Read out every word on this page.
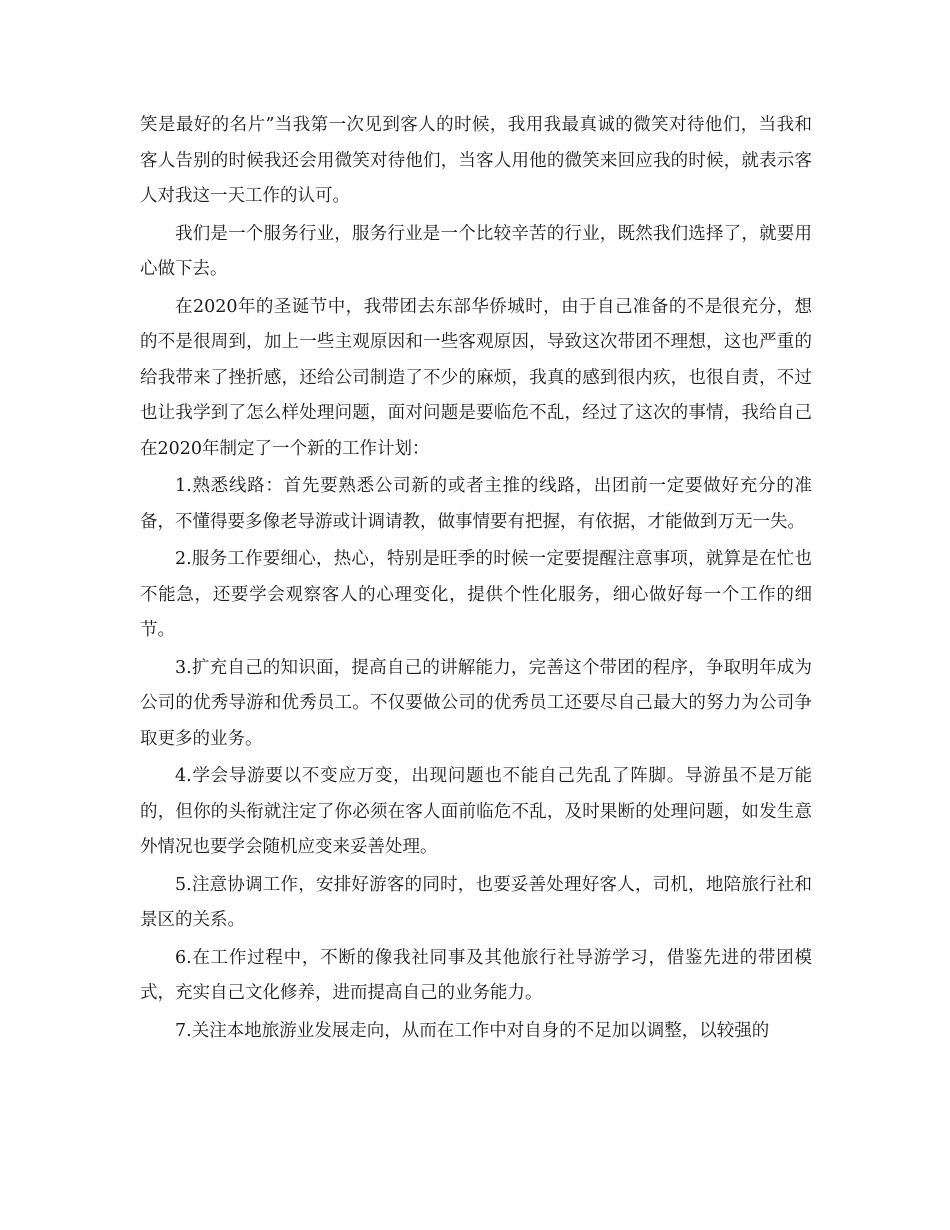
笑是最好的名片”当我第一次见到客人的时候，我用我最真诚的微笑对待他们，当我和客人告别的时候我还会用微笑对待他们，当客人用他的微笑来回应我的时候，就表示客人对我这一天工作的认可。

我们是一个服务行业，服务行业是一个比较辛苦的行业，既然我们选择了，就要用心做下去。

在2020年的圣诞节中，我带团去东部华侨城时，由于自己准备的不是很充分，想的不是很周到，加上一些主观原因和一些客观原因，导致这次带团不理想，这也严重的给我带来了挫折感，还给公司制造了不少的麻烦，我真的感到很内疚，也很自责，不过也让我学到了怎么样处理问题，面对问题是要临危不乱，经过了这次的事情，我给自己在2020年制定了一个新的工作计划：

1.熟悉线路：首先要熟悉公司新的或者主推的线路，出团前一定要做好充分的准备，不懂得要多像老导游或计调请教，做事情要有把握，有依据，才能做到万无一失。

2.服务工作要细心，热心，特别是旺季的时候一定要提醒注意事项，就算是在忙也不能急，还要学会观察客人的心理变化，提供个性化服务，细心做好每一个工作的细节。

3.扩充自己的知识面，提高自己的讲解能力，完善这个带团的程序，争取明年成为公司的优秀导游和优秀员工。不仅要做公司的优秀员工还要尽自己最大的努力为公司争取更多的业务。

4.学会导游要以不变应万变，出现问题也不能自己先乱了阵脚。导游虽不是万能的，但你的头衔就注定了你必须在客人面前临危不乱，及时果断的处理问题，如发生意外情况也要学会随机应变来妥善处理。

5.注意协调工作，安排好游客的同时，也要妥善处理好客人，司机，地陪旅行社和景区的关系。

6.在工作过程中，不断的像我社同事及其他旅行社导游学习，借鉴先进的带团模式，充实自己文化修养，进而提高自己的业务能力。

7.关注本地旅游业发展走向，从而在工作中对自身的不足加以调整，以较强的
